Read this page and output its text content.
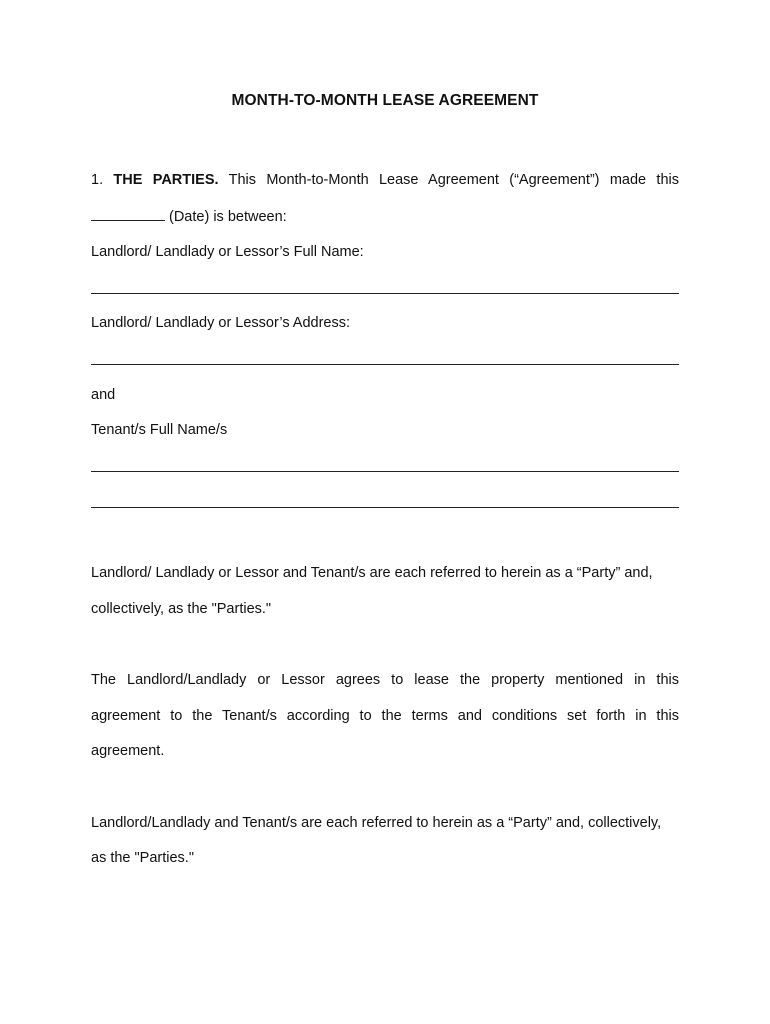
MONTH-TO-MONTH LEASE AGREEMENT
1. THE PARTIES. This Month-to-Month Lease Agreement (“Agreement”) made this
(Date) is between:
Landlord/ Landlady or Lessor’s Full Name:
Landlord/ Landlady or Lessor’s Address:
and
Tenant/s Full Name/s
Landlord/ Landlady or Lessor and Tenant/s are each referred to herein as a “Party” and,
collectively, as the "Parties."
The Landlord/Landlady or Lessor agrees to lease the property mentioned in this
agreement to the Tenant/s according to the terms and conditions set forth in this
agreement.
Landlord/Landlady and Tenant/s are each referred to herein as a “Party” and, collectively,
as the "Parties."
